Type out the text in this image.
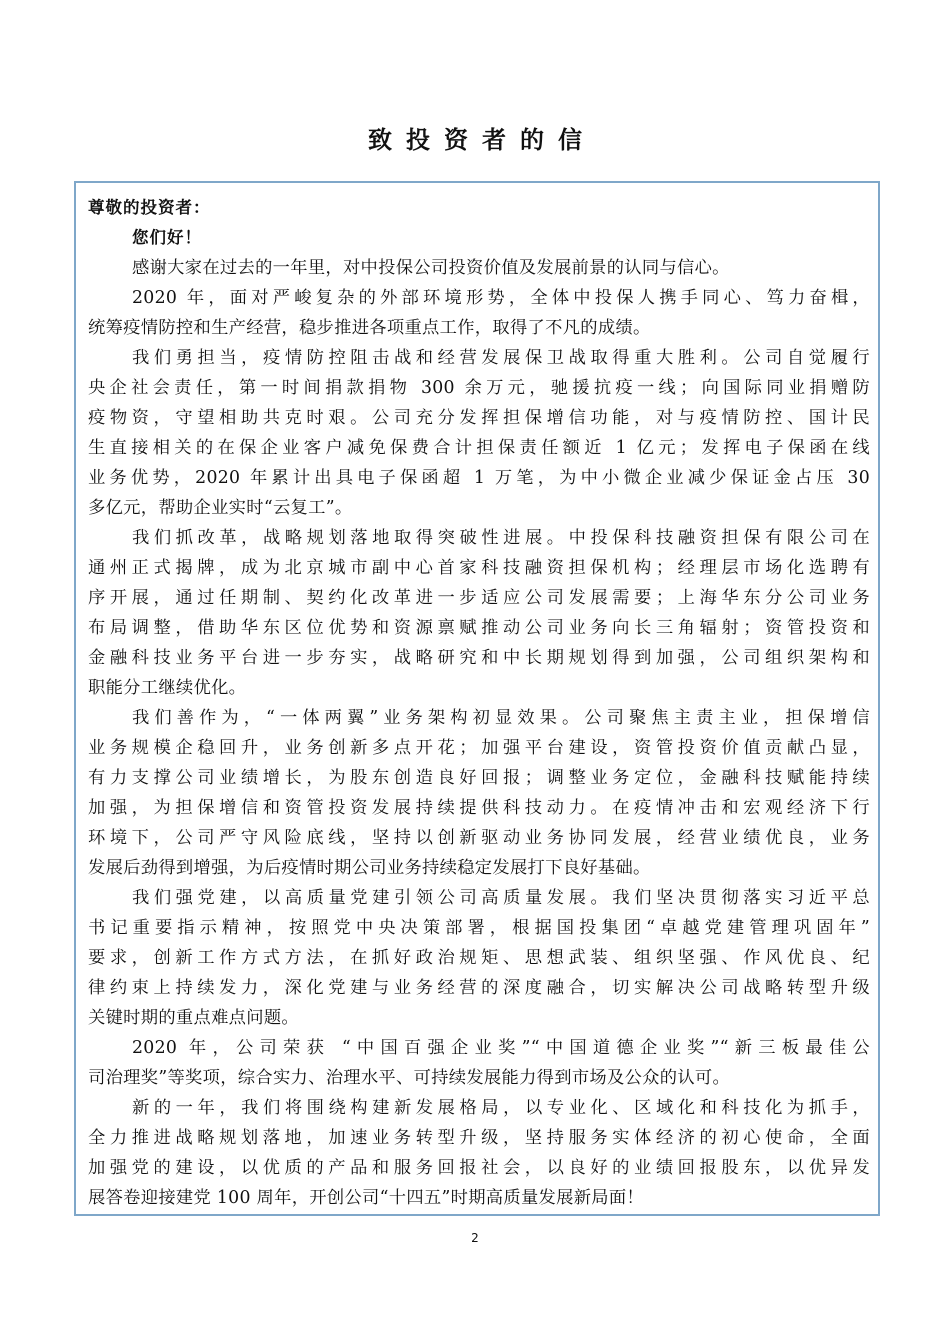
致投资者的信
尊敬的投资者：
您们好！
感谢大家在过去的一年里，对中投保公司投资价值及发展前景的认同与信心。
2020 年，面对严峻复杂的外部环境形势，全体中投保人携手同心、笃力奋楫，
统筹疫情防控和生产经营，稳步推进各项重点工作，取得了不凡的成绩。
我们勇担当，疫情防控阻击战和经营发展保卫战取得重大胜利。公司自觉履行
央企社会责任，第一时间捐款捐物 300 余万元，驰援抗疫一线；向国际同业捐赠防
疫物资，守望相助共克时艰。公司充分发挥担保增信功能，对与疫情防控、国计民
生直接相关的在保企业客户减免保费合计担保责任额近 1 亿元；发挥电子保函在线
业务优势，2020 年累计出具电子保函超 1 万笔，为中小微企业减少保证金占压 30
多亿元，帮助企业实时“云复工”。
我们抓改革，战略规划落地取得突破性进展。中投保科技融资担保有限公司在
通州正式揭牌，成为北京城市副中心首家科技融资担保机构；经理层市场化选聘有
序开展，通过任期制、契约化改革进一步适应公司发展需要；上海华东分公司业务
布局调整，借助华东区位优势和资源禀赋推动公司业务向长三角辐射；资管投资和
金融科技业务平台进一步夯实，战略研究和中长期规划得到加强，公司组织架构和
职能分工继续优化。
我们善作为，“一体两翼”业务架构初显效果。公司聚焦主责主业，担保增信
业务规模企稳回升，业务创新多点开花；加强平台建设，资管投资价值贡献凸显，
有力支撑公司业绩增长，为股东创造良好回报；调整业务定位，金融科技赋能持续
加强，为担保增信和资管投资发展持续提供科技动力。在疫情冲击和宏观经济下行
环境下，公司严守风险底线，坚持以创新驱动业务协同发展，经营业绩优良，业务
发展后劲得到增强，为后疫情时期公司业务持续稳定发展打下良好基础。
我们强党建，以高质量党建引领公司高质量发展。我们坚决贯彻落实习近平总
书记重要指示精神，按照党中央决策部署，根据国投集团“卓越党建管理巩固年”
要求，创新工作方式方法，在抓好政治规矩、思想武装、组织坚强、作风优良、纪
律约束上持续发力，深化党建与业务经营的深度融合，切实解决公司战略转型升级
关键时期的重点难点问题。
2020 年，公司荣获 “中国百强企业奖”“中国道德企业奖”“新三板最佳公
司治理奖”等奖项，综合实力、治理水平、可持续发展能力得到市场及公众的认可。
新的一年，我们将围绕构建新发展格局，以专业化、区域化和科技化为抓手，
全力推进战略规划落地，加速业务转型升级，坚持服务实体经济的初心使命，全面
加强党的建设，以优质的产品和服务回报社会，以良好的业绩回报股东，以优异发
展答卷迎接建党 100 周年，开创公司“十四五”时期高质量发展新局面！
2
